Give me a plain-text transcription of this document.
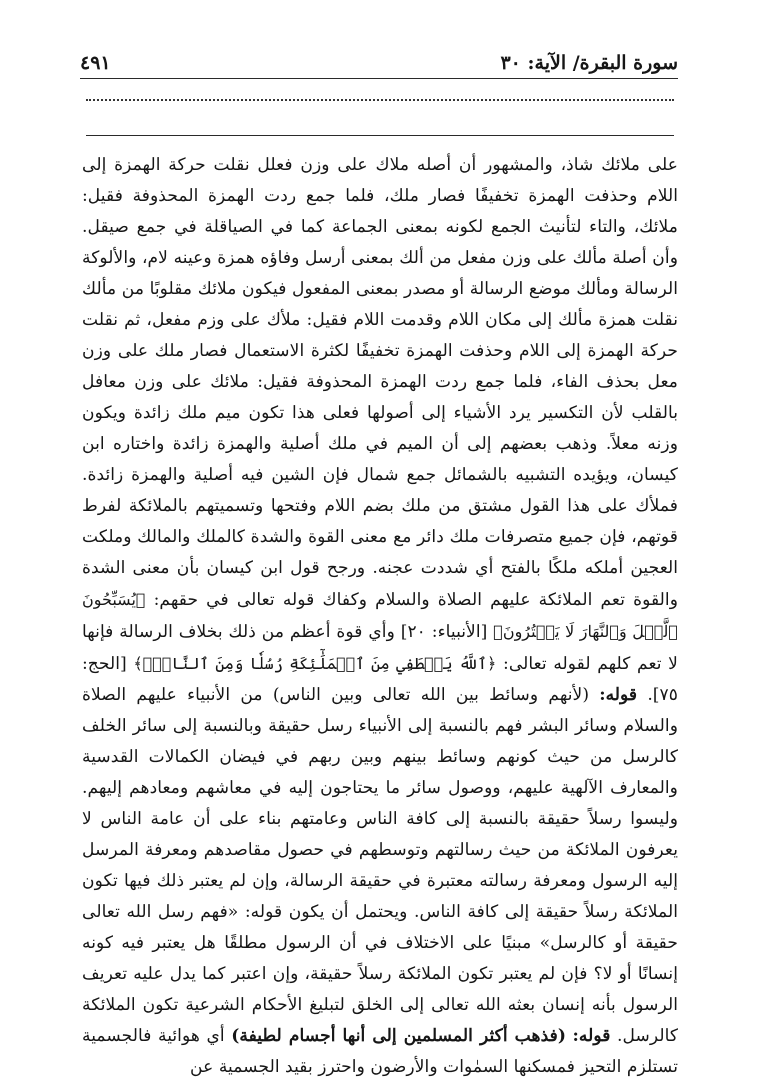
سورة البقرة/ الآية: ٣٠
٤٩١

على ملائك شاذ، والمشهور أن أصله ملاك على وزن فعلل نقلت حركة الهمزة إلى اللام وحذفت الهمزة تخفيفًا فصار ملك، فلما جمع ردت الهمزة المحذوفة فقيل: ملائك، والتاء لتأنيث الجمع لكونه بمعنى الجماعة كما في الصياقلة في جمع صيقل. وأن أصلة مألك على وزن مفعل من ألك بمعنى أرسل وفاؤه همزة وعينه لام، والألوكة الرسالة ومألك موضع الرسالة أو مصدر بمعنى المفعول فيكون ملائك مقلوبًا من مألك نقلت همزة مألك إلى مكان اللام وقدمت اللام فقيل: ملأك على وزم مفعل، ثم نقلت حركة الهمزة إلى اللام وحذفت الهمزة تخفيفًا لكثرة الاستعمال فصار ملك على وزن معل بحذف الفاء، فلما جمع ردت الهمزة المحذوفة فقيل: ملائك على وزن معافل بالقلب لأن التكسير يرد الأشياء إلى أصولها فعلى هذا تكون ميم ملك زائدة ويكون وزنه معلاً. وذهب بعضهم إلى أن الميم في ملك أصلية والهمزة زائدة واختاره ابن كيسان، ويؤيده التشبيه بالشمائل جمع شمال فإن الشين فيه أصلية والهمزة زائدة. فملأك على هذا القول مشتق من ملك بضم اللام وفتحها وتسميتهم بالملائكة لفرط قوتهم، فإن جميع متصرفات ملك دائر مع معنى القوة والشدة كالملك والمالك وملكت العجين أملكه ملكًا بالفتح أي شددت عجنه. ورجح قول ابن كيسان بأن معنى الشدة والقوة تعم الملائكة عليهم الصلاة والسلام وكفاك قوله تعالى في حقهم: ﴿يُسَبِّحُونَ ٱلَّيۡلَ وَٱلنَّهَارَ لَا يَفۡتُرُونَ﴾ [الأنبياء: ٢٠] وأي قوة أعظم من ذلك بخلاف الرسالة فإنها لا تعم كلهم لقوله تعالى: ﴿ٱللَّهُ يَصۡطَفِي مِنَ ٱلۡمَلَٰٓئِكَةِ رُسُلٗا وَمِنَ ٱلنَّاسِۚ﴾ [الحج: ٧٥]. قوله: (لأنهم وسائط بين الله تعالى وبين الناس) من الأنبياء عليهم الصلاة والسلام وسائر البشر فهم بالنسبة إلى الأنبياء رسل حقيقة وبالنسبة إلى سائر الخلف كالرسل من حيث كونهم وسائط بينهم وبين ربهم في فيضان الكمالات القدسية والمعارف الآلهية عليهم، ووصول سائر ما يحتاجون إليه في معاشهم ومعادهم إليهم. وليسوا رسلاً حقيقة بالنسبة إلى كافة الناس وعامتهم بناء على أن عامة الناس لا يعرفون الملائكة من حيث رسالتهم وتوسطهم في حصول مقاصدهم ومعرفة المرسل إليه الرسول ومعرفة رسالته معتبرة في حقيقة الرسالة، وإن لم يعتبر ذلك فيها تكون الملائكة رسلاً حقيقة إلى كافة الناس. ويحتمل أن يكون قوله: «فهم رسل الله تعالى حقيقة أو كالرسل» مبنيًا على الاختلاف في أن الرسول مطلقًا هل يعتبر فيه كونه إنسانًا أو لا؟ فإن لم يعتبر تكون الملائكة رسلاً حقيقة، وإن اعتبر كما يدل عليه تعريف الرسول بأنه إنسان بعثه الله تعالى إلى الخلق لتبليغ الأحكام الشرعية تكون الملائكة كالرسل. قوله: (فذهب أكثر المسلمين إلى أنها أجسام لطيفة) أي هوائية فالجسمية تستلزم التحيز فمسكنها السمٰوات والأرضون واحترز بقيد الجسمية عن
